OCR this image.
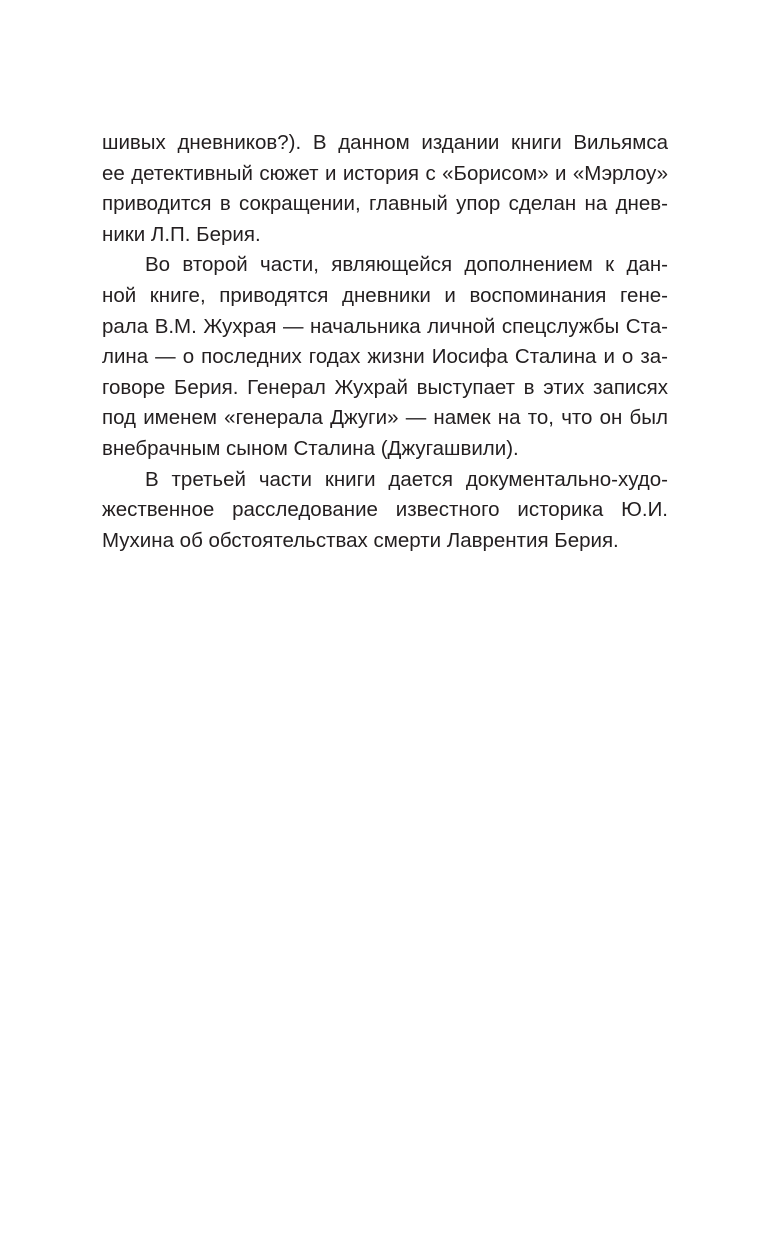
шивых дневников?). В данном издании книги Вильямса
ее детективный сюжет и история с «Борисом» и «Мэрлоу»
приводится в сокращении, главный упор сделан на днев-
ники Л.П. Берия.
Во второй части, являющейся дополнением к дан-
ной книге, приводятся дневники и воспоминания гене-
рала В.М. Жухрая — начальника личной спецслужбы Ста-
лина — о последних годах жизни Иосифа Сталина и о за-
говоре Берия. Генерал Жухрай выступает в этих записях
под именем «генерала Джуги» — намек на то, что он был
внебрачным сыном Сталина (Джугашвили).
В третьей части книги дается документально-худо-
жественное расследование известного историка Ю.И.
Мухина об обстоятельствах смерти Лаврентия Берия.
